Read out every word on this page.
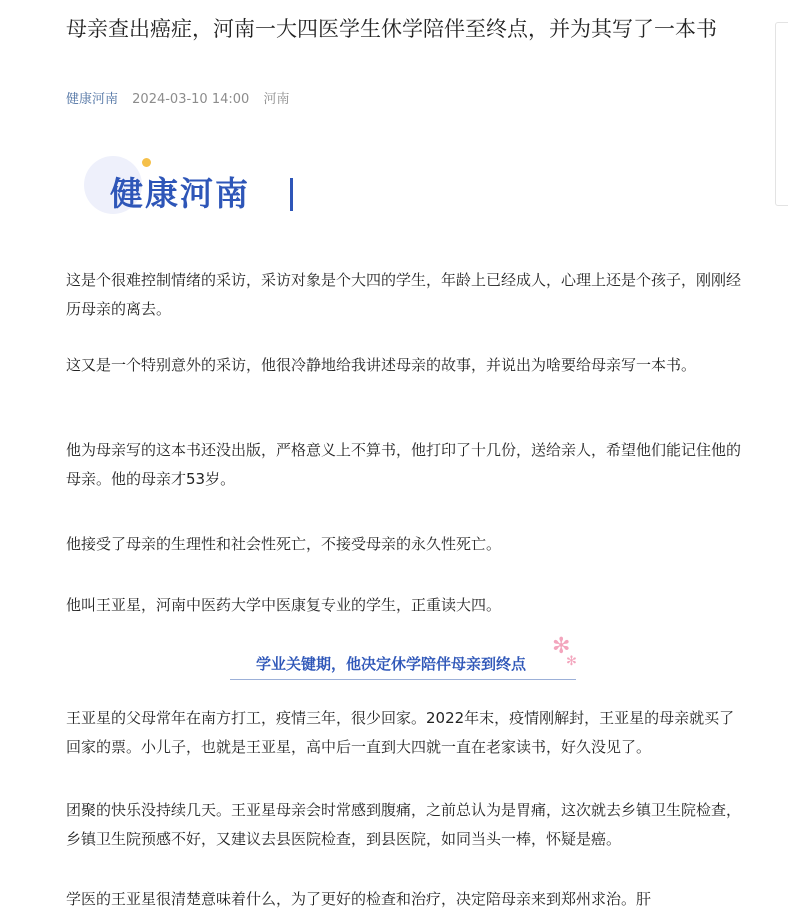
母亲查出癌症，河南一大四医学生休学陪伴至终点，并为其写了一本书
健康河南 2024-03-10 14:00 河南
健康河南

这是个很难控制情绪的采访，采访对象是个大四的学生，年龄上已经成人，心理上还是个孩子，刚刚经历母亲的离去。

这又是一个特别意外的采访，他很冷静地给我讲述母亲的故事，并说出为啥要给母亲写一本书。

他为母亲写的这本书还没出版，严格意义上不算书，他打印了十几份，送给亲人，希望他们能记住他的母亲。他的母亲才53岁。

他接受了母亲的生理性和社会性死亡，不接受母亲的永久性死亡。

他叫王亚星，河南中医药大学中医康复专业的学生，正重读大四。

✻
✻
学业关键期，他决定休学陪伴母亲到终点

王亚星的父母常年在南方打工，疫情三年，很少回家。2022年末，疫情刚解封，王亚星的母亲就买了回家的票。小儿子，也就是王亚星，高中后一直到大四就一直在老家读书，好久没见了。

团聚的快乐没持续几天。王亚星母亲会时常感到腹痛，之前总认为是胃痛，这次就去乡镇卫生院检查，乡镇卫生院预感不好，又建议去县医院检查，到县医院，如同当头一棒，怀疑是癌。

学医的王亚星很清楚意味着什么，为了更好的检查和治疗，决定陪母亲来到郑州求治。肝
